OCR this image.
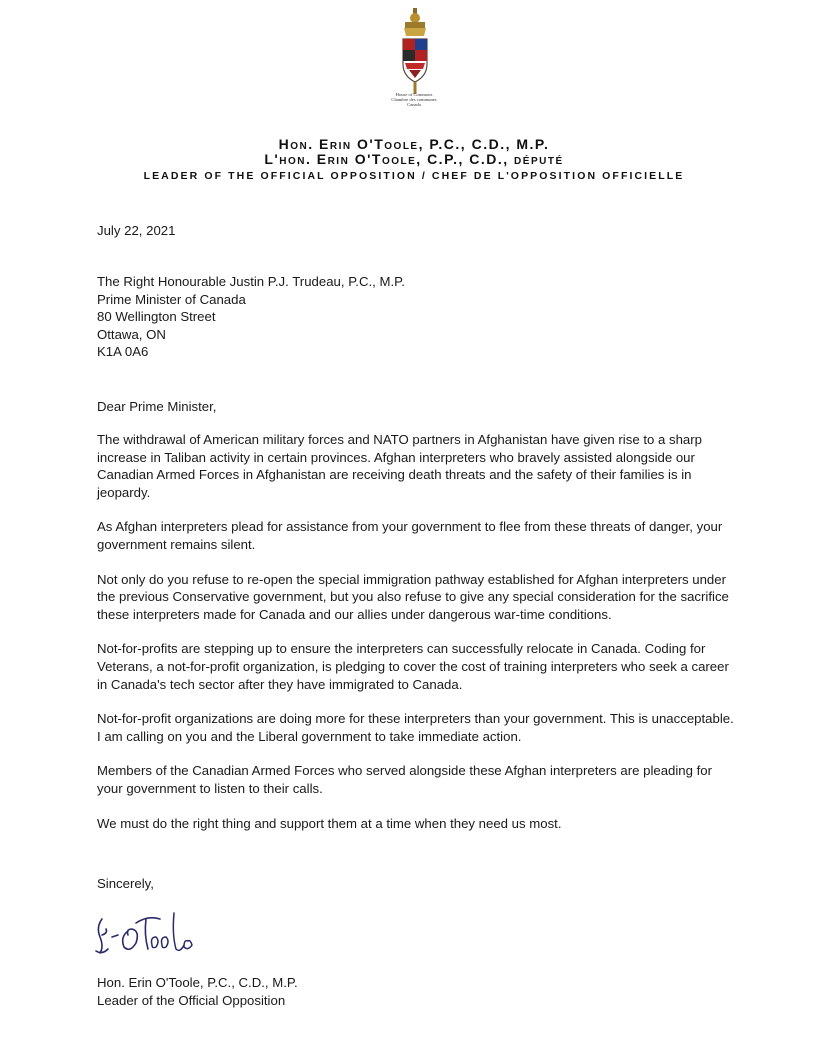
House of Commons
Chambre des communes
Canada
Hon. Erin O'Toole, P.C., C.D., M.P.
L'hon. Erin O'Toole, C.P., C.D., député
LEADER OF THE OFFICIAL OPPOSITION / CHEF DE L'OPPOSITION OFFICIELLE
July 22, 2021
The Right Honourable Justin P.J. Trudeau, P.C., M.P.
Prime Minister of Canada
80 Wellington Street
Ottawa, ON
K1A 0A6
Dear Prime Minister,

The withdrawal of American military forces and NATO partners in Afghanistan have given rise to a sharp increase in Taliban activity in certain provinces. Afghan interpreters who bravely assisted alongside our Canadian Armed Forces in Afghanistan are receiving death threats and the safety of their families is in jeopardy.

As Afghan interpreters plead for assistance from your government to flee from these threats of danger, your government remains silent.

Not only do you refuse to re-open the special immigration pathway established for Afghan interpreters under the previous Conservative government, but you also refuse to give any special consideration for the sacrifice these interpreters made for Canada and our allies under dangerous war-time conditions.

Not-for-profits are stepping up to ensure the interpreters can successfully relocate in Canada. Coding for Veterans, a not-for-profit organization, is pledging to cover the cost of training interpreters who seek a career in Canada's tech sector after they have immigrated to Canada.

Not-for-profit organizations are doing more for these interpreters than your government. This is unacceptable. I am calling on you and the Liberal government to take immediate action.

Members of the Canadian Armed Forces who served alongside these Afghan interpreters are pleading for your government to listen to their calls.

We must do the right thing and support them at a time when they need us most.

Sincerely,
Hon. Erin O'Toole, P.C., C.D., M.P.
Leader of the Official Opposition
